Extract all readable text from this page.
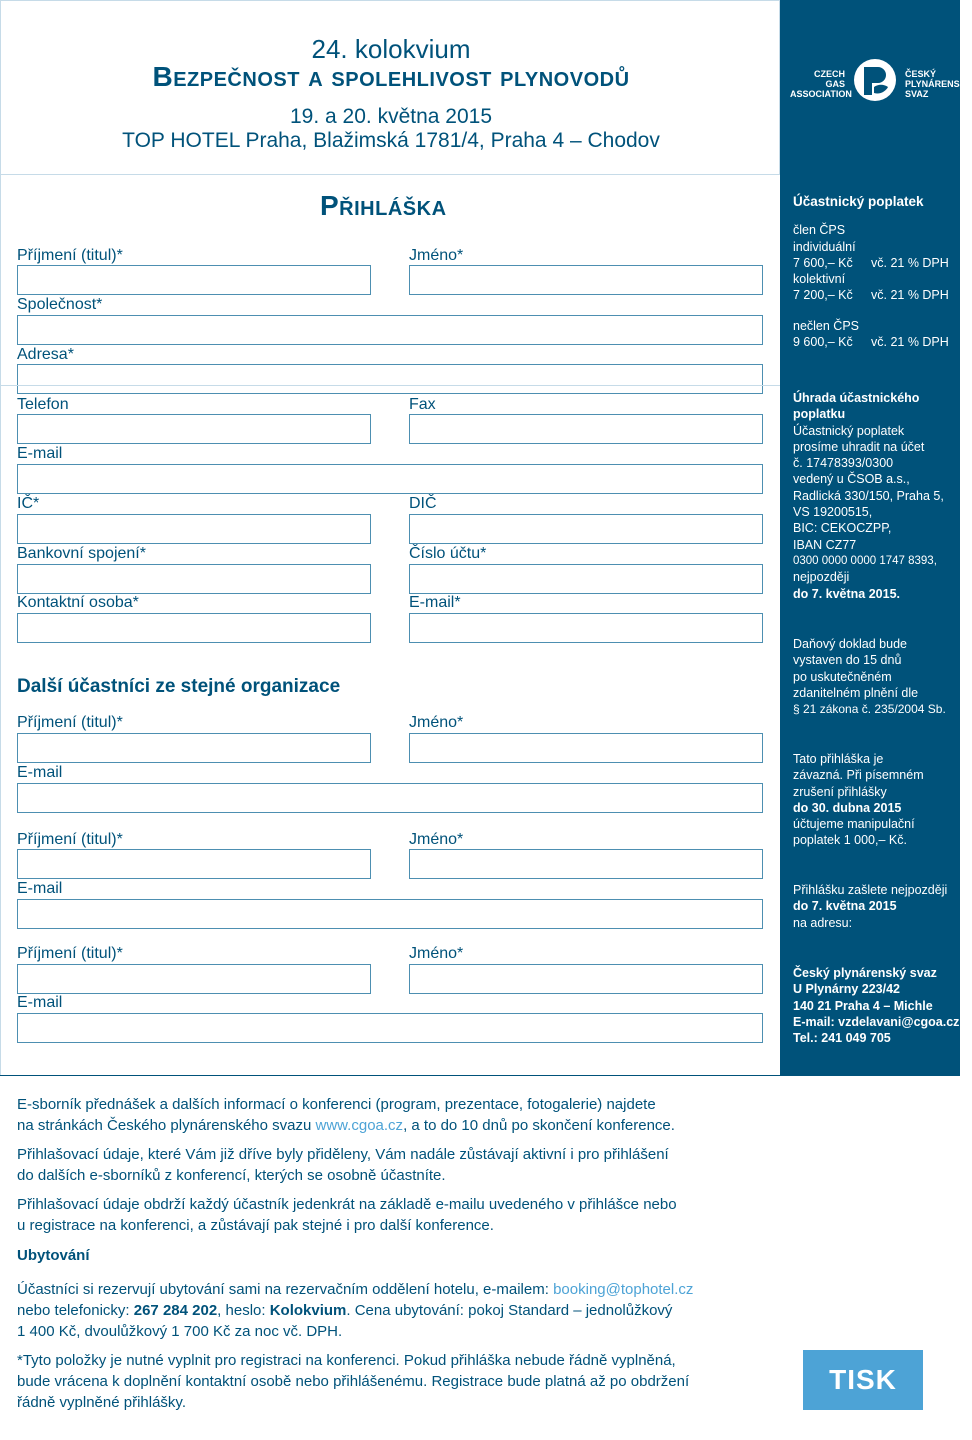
24. kolokvium
Bezpečnost a spolehlivost plynovodů
19. a 20. května 2015
TOP HOTEL Praha, Blažimská 1781/4, Praha 4 – Chodov
CZECH
GAS
ASSOCIATION
ČESKÝ
PLYNÁRENSKÝ
SVAZ
Účastnický poplatek
člen ČPS
individuální
7 600,– Kč	vč. 21 % DPH
kolektivní
7 200,– Kč	vč. 21 % DPH
nečlen ČPS
9 600,– Kč	vč. 21 % DPH
Úhrada účastnického poplatku
Účastnický poplatek
prosíme uhradit na účet
č. 17478393/0300
vedený u ČSOB a.s.,
Radlická 330/150, Praha 5,
VS 19200515,
BIC: CEKOCZPP,
IBAN CZ77
0300 0000 0000 1747 8393,
nejpozději
do 7. května 2015.
Daňový doklad bude
vystaven do 15 dnů
po uskutečněném
zdanitelném plnění dle
§ 21 zákona č. 235/2004 Sb.
Tato přihláška je
závazná. Při písemném
zrušení přihlášky
do 30. dubna 2015
účtujeme manipulační
poplatek 1 000,– Kč.
Přihlášku zašlete nejpozději
do 7. května 2015
na adresu:
Český plynárenský svaz
U Plynárny 223/42
140 21 Praha 4 – Michle
E-mail: vzdelavani@cgoa.cz
Tel.: 241 049 705
Přihláška
Příjmení (titul)*	Jméno*
Společnost*
Adresa*
Telefon	Fax
E-mail
IČ*	DIČ
Bankovní spojení*	Číslo účtu*
Kontaktní osoba*	E-mail*
Další účastníci ze stejné organizace
Příjmení (titul)*	Jméno*
E-mail
Příjmení (titul)*	Jméno*
E-mail
Příjmení (titul)*	Jméno*
E-mail
E-sborník přednášek a dalších informací o konferenci (program, prezentace, fotogalerie) najdete
na stránkách Českého plynárenského svazu www.cgoa.cz, a to do 10 dnů po skončení konference.
Přihlašovací údaje, které Vám již dříve byly přiděleny, Vám nadále zůstávají aktivní i pro přihlášení
do dalších e-sborníků z konferencí, kterých se osobně účastníte.
Přihlašovací údaje obdrží každý účastník jedenkrát na základě e-mailu uvedeného v přihlášce nebo
u registrace na konferenci, a zůstávají pak stejné i pro další konference.
Ubytování
Účastníci si rezervují ubytování sami na rezervačním oddělení hotelu, e-mailem: booking@tophotel.cz
nebo telefonicky: 267 284 202, heslo: Kolokvium. Cena ubytování: pokoj Standard – jednolůžkový
1 400 Kč, dvoulůžkový 1 700 Kč za noc vč. DPH.
*Tyto položky je nutné vyplnit pro registraci na konferenci. Pokud přihláška nebude řádně vyplněná,
bude vrácena k doplnění kontaktní osobě nebo přihlášenému. Registrace bude platná až po obdržení
řádně vyplněné přihlášky.
TISK
